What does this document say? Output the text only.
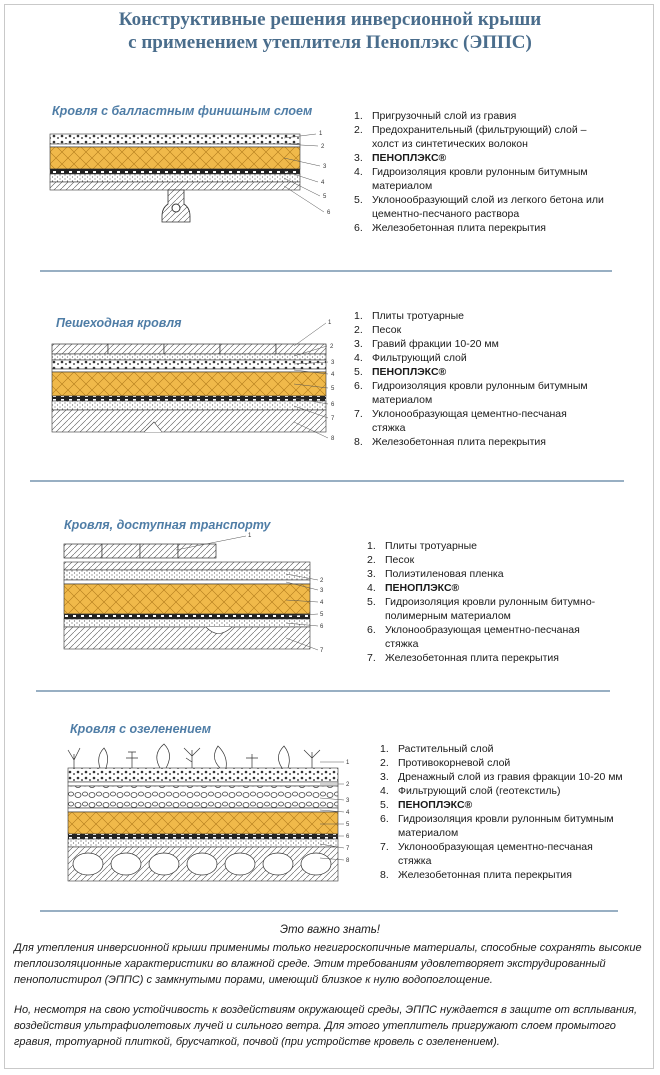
Конструктивные решения инверсионной крыши
с применением утеплителя Пеноплэкс (ЭППС)
Кровля с балластным финишным слоем
1
2
3
4
5
6
1. Пригрузочный слой из гравия
2. Предохранительный (фильтрующий) слой –
холст из синтетических волокон
3. ПЕНОПЛЭКС®
4. Гидроизоляция кровли рулонным битумным
материалом
5. Уклонообразующий слой из легкого бетона или
цементно-песчаного раствора
6. Железобетонная плита перекрытия
Пешеходная кровля	1
2
3
4
5
6
7
8
1. Плиты тротуарные
2. Песок
3. Гравий фракции 10-20 мм
4. Фильтрующий слой
5. ПЕНОПЛЭКС®
6. Гидроизоляция кровли рулонным битумным
материалом
7. Уклонообразующая цементно-песчаная
стяжка
8. Железобетонная плита перекрытия
Кровля, доступная транспорту
1
2
3
4
5
6
7
1. Плиты тротуарные
2. Песок
3. Полиэтиленовая пленка
4. ПЕНОПЛЭКС®
5. Гидроизоляция кровли рулонным битумно-
полимерным материалом
6. Уклонообразующая цементно-песчаная
стяжка
7. Железобетонная плита перекрытия
Кровля с озеленением
1
2
3
4
5
6
7
8
1. Растительный слой
2. Противокорневой слой
3. Дренажный слой из гравия фракции 10-20 мм
4. Фильтрующий слой (геотекстиль)
5. ПЕНОПЛЭКС®
6. Гидроизоляция кровли рулонным битумным
материалом
7. Уклонообразующая цементно-песчаная
стяжка
8. Железобетонная плита перекрытия
Это важно знать!

Для утепления инверсионной крыши применимы только негигроскопичные материалы, способные сохранять высокие теплоизоляционные характеристики во влажной среде. Этим требованиям удовлетворяет экструдированный пенополистирол (ЭППС) с замкнутыми порами, имеющий близкое к нулю водопоглощение.

Но, несмотря на свою устойчивость к воздействиям окружающей среды, ЭППС нуждается в защите от всплывания, воздействия ультрафиолетовых лучей и сильного ветра. Для этого утеплитель пригружают слоем промытого гравия, тротуарной плиткой, брусчаткой, почвой (при устройстве кровель с озеленением).
